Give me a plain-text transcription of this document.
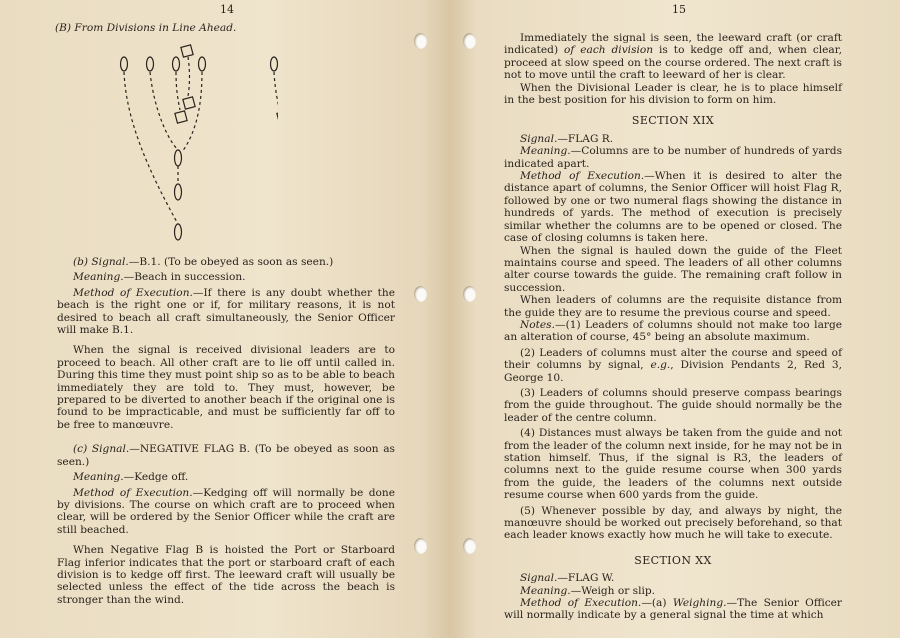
14

(B) From Divisions in Line Ahead.

(b) Signal.—B.1. (To be obeyed as soon as seen.)

Meaning.—Beach in succession.

Method of Execution.—If there is any doubt whether the beach is the right one or if, for military reasons, it is not desired to beach all craft simultaneously, the Senior Officer will make B.1.

When the signal is received divisional leaders are to proceed to beach. All other craft are to lie off until called in. During this time they must point ship so as to be able to beach immediately they are told to. They must, however, be prepared to be diverted to another beach if the original one is found to be impracticable, and must be sufficiently far off to be free to manœuvre.

(c) Signal.—NEGATIVE FLAG B. (To be obeyed as soon as seen.)

Meaning.—Kedge off.

Method of Execution.—Kedging off will normally be done by divisions. The course on which craft are to proceed when clear, will be ordered by the Senior Officer while the craft are still beached.

When Negative Flag B is hoisted the Port or Starboard Flag inferior indicates that the port or starboard craft of each division is to kedge off first. The leeward craft will usually be selected unless the effect of the tide across the beach is stronger than the wind.

15

Immediately the signal is seen, the leeward craft (or craft indicated) of each division is to kedge off and, when clear, proceed at slow speed on the course ordered. The next craft is not to move until the craft to leeward of her is clear.

When the Divisional Leader is clear, he is to place himself in the best position for his division to form on him.

SECTION XIX

Signal.—FLAG R.

Meaning.—Columns are to be number of hundreds of yards indicated apart.

Method of Execution.—When it is desired to alter the distance apart of columns, the Senior Officer will hoist Flag R, followed by one or two numeral flags showing the distance in hundreds of yards. The method of execution is precisely similar whether the columns are to be opened or closed. The case of closing columns is taken here.

When the signal is hauled down the guide of the Fleet maintains course and speed. The leaders of all other columns alter course towards the guide. The remaining craft follow in succession.

When leaders of columns are the requisite distance from the guide they are to resume the previous course and speed.

Notes.—(1) Leaders of columns should not make too large an alteration of course, 45° being an absolute maximum.

(2) Leaders of columns must alter the course and speed of their columns by signal, e.g., Division Pendants 2, Red 3, George 10.

(3) Leaders of columns should preserve compass bearings from the guide throughout. The guide should normally be the leader of the centre column.

(4) Distances must always be taken from the guide and not from the leader of the column next inside, for he may not be in station himself. Thus, if the signal is R3, the leaders of columns next to the guide resume course when 300 yards from the guide, the leaders of the columns next outside resume course when 600 yards from the guide.

(5) Whenever possible by day, and always by night, the manœuvre should be worked out precisely beforehand, so that each leader knows exactly how much he will take to execute.

SECTION XX

Signal.—FLAG W.

Meaning.—Weigh or slip.

Method of Execution.—(a) Weighing.—The Senior Officer will normally indicate by a general signal the time at which
